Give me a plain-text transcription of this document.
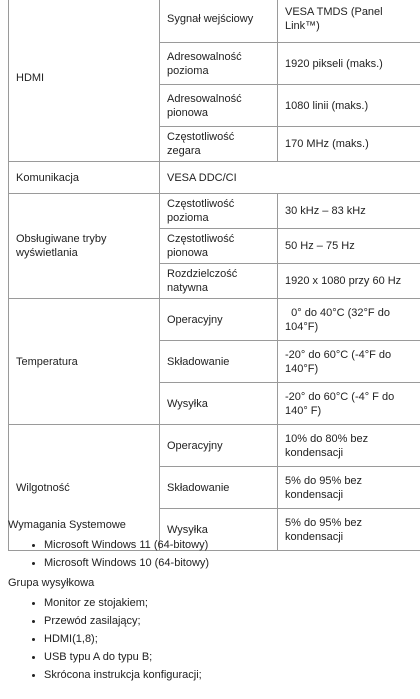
HDMI	Sygnał wejściowy	VESA TMDS (Panel Link™)
	Adresowalność pozioma	1920 pikseli (maks.)
	Adresowalność pionowa	1080 linii (maks.)
	Częstotliwość zegara	170 MHz (maks.)
Komunikacja	VESA DDC/CI	
Obsługiwane tryby wyświetlania	Częstotliwość pozioma	30 kHz – 83 kHz
	Częstotliwość pionowa	50 Hz – 75 Hz
	Rozdzielczość natywna	1920 x 1080 przy 60 Hz
Temperatura	Operacyjny	0° do 40°C (32°F do 104°F)
	Składowanie	-20° do 60°C (-4°F do 140°F)
	Wysyłka	-20° do 60°C (-4° F do 140° F)
Wilgotność	Operacyjny	10% do 80% bez kondensacji
	Składowanie	5% do 95% bez kondensacji
	Wysyłka	5% do 95% bez kondensacji
Wymagania Systemowe
• Microsoft Windows 11 (64-bitowy)
• Microsoft Windows 10 (64-bitowy)
Grupa wysyłkowa
• Monitor ze stojakiem;
• Przewód zasilający;
• HDMI(1,8);
• USB typu A do typu B;
• Skrócona instrukcja konfiguracji;
